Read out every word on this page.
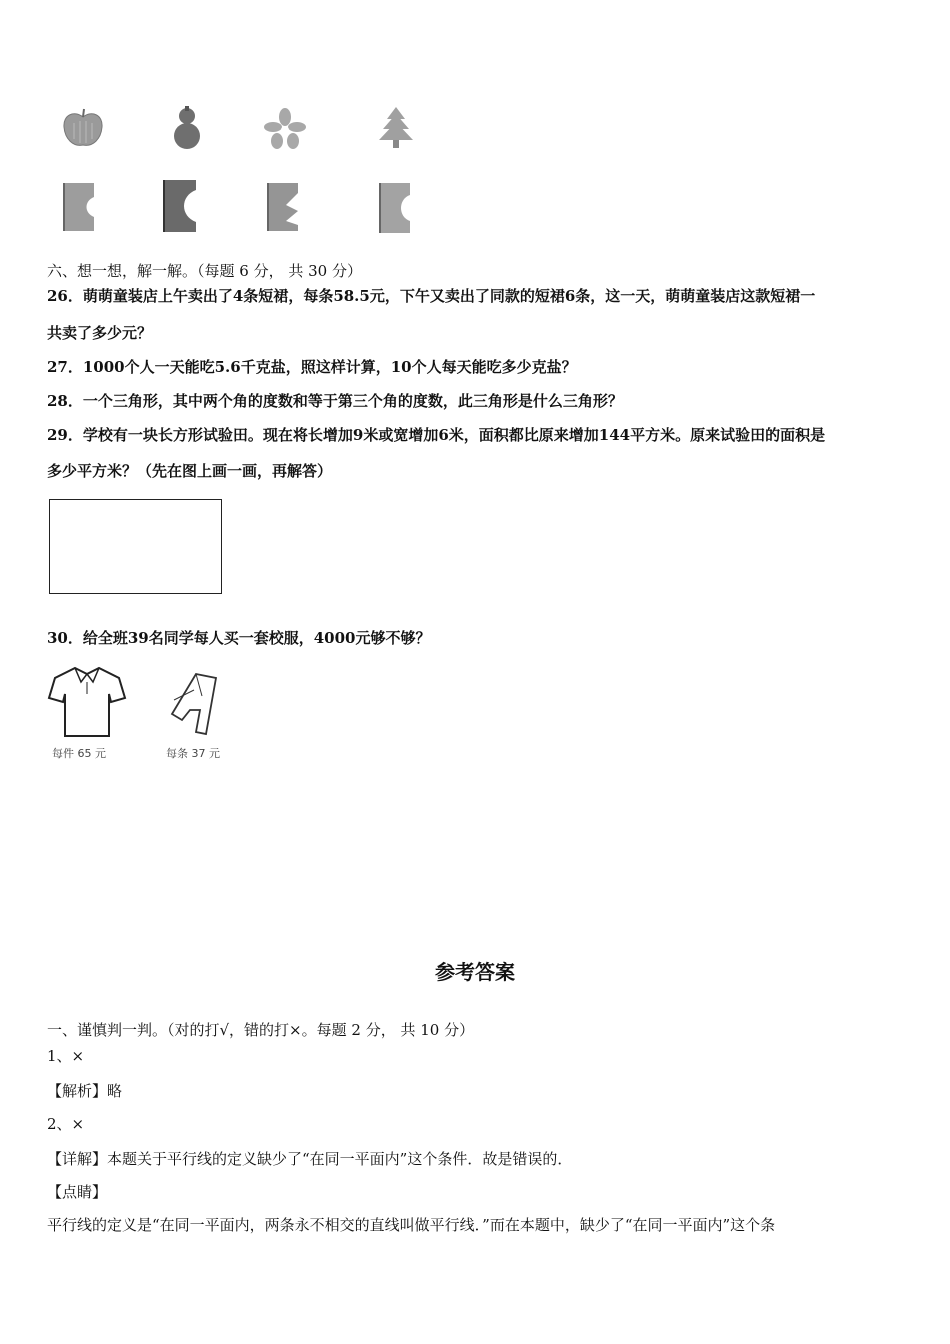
六、想一想，解一解。（每题 6 分， 共 30 分）
26．萌萌童装店上午卖出了4条短裙，每条58.5元，下午又卖出了同款的短裙6条，这一天，萌萌童装店这款短裙一
共卖了多少元？
27．1000个人一天能吃5.6千克盐，照这样计算，10个人每天能吃多少克盐？
28．一个三角形，其中两个角的度数和等于第三个角的度数，此三角形是什么三角形？
29．学校有一块长方形试验田。现在将长增加9米或宽增加6米，面积都比原来增加144平方米。原来试验田的面积是
多少平方米？（先在图上画一画，再解答）
30．给全班39名同学每人买一套校服，4000元够不够？
每件 65 元	每条 37 元
参考答案
一、谨慎判一判。（对的打√，错的打×。每题 2 分， 共 10 分）
1、×
【解析】略
2、×
【详解】本题关于平行线的定义缺少了“在同一平面内”这个条件．故是错误的．
【点睛】
平行线的定义是“在同一平面内，两条永不相交的直线叫做平行线．”而在本题中，缺少了“在同一平面内”这个条
